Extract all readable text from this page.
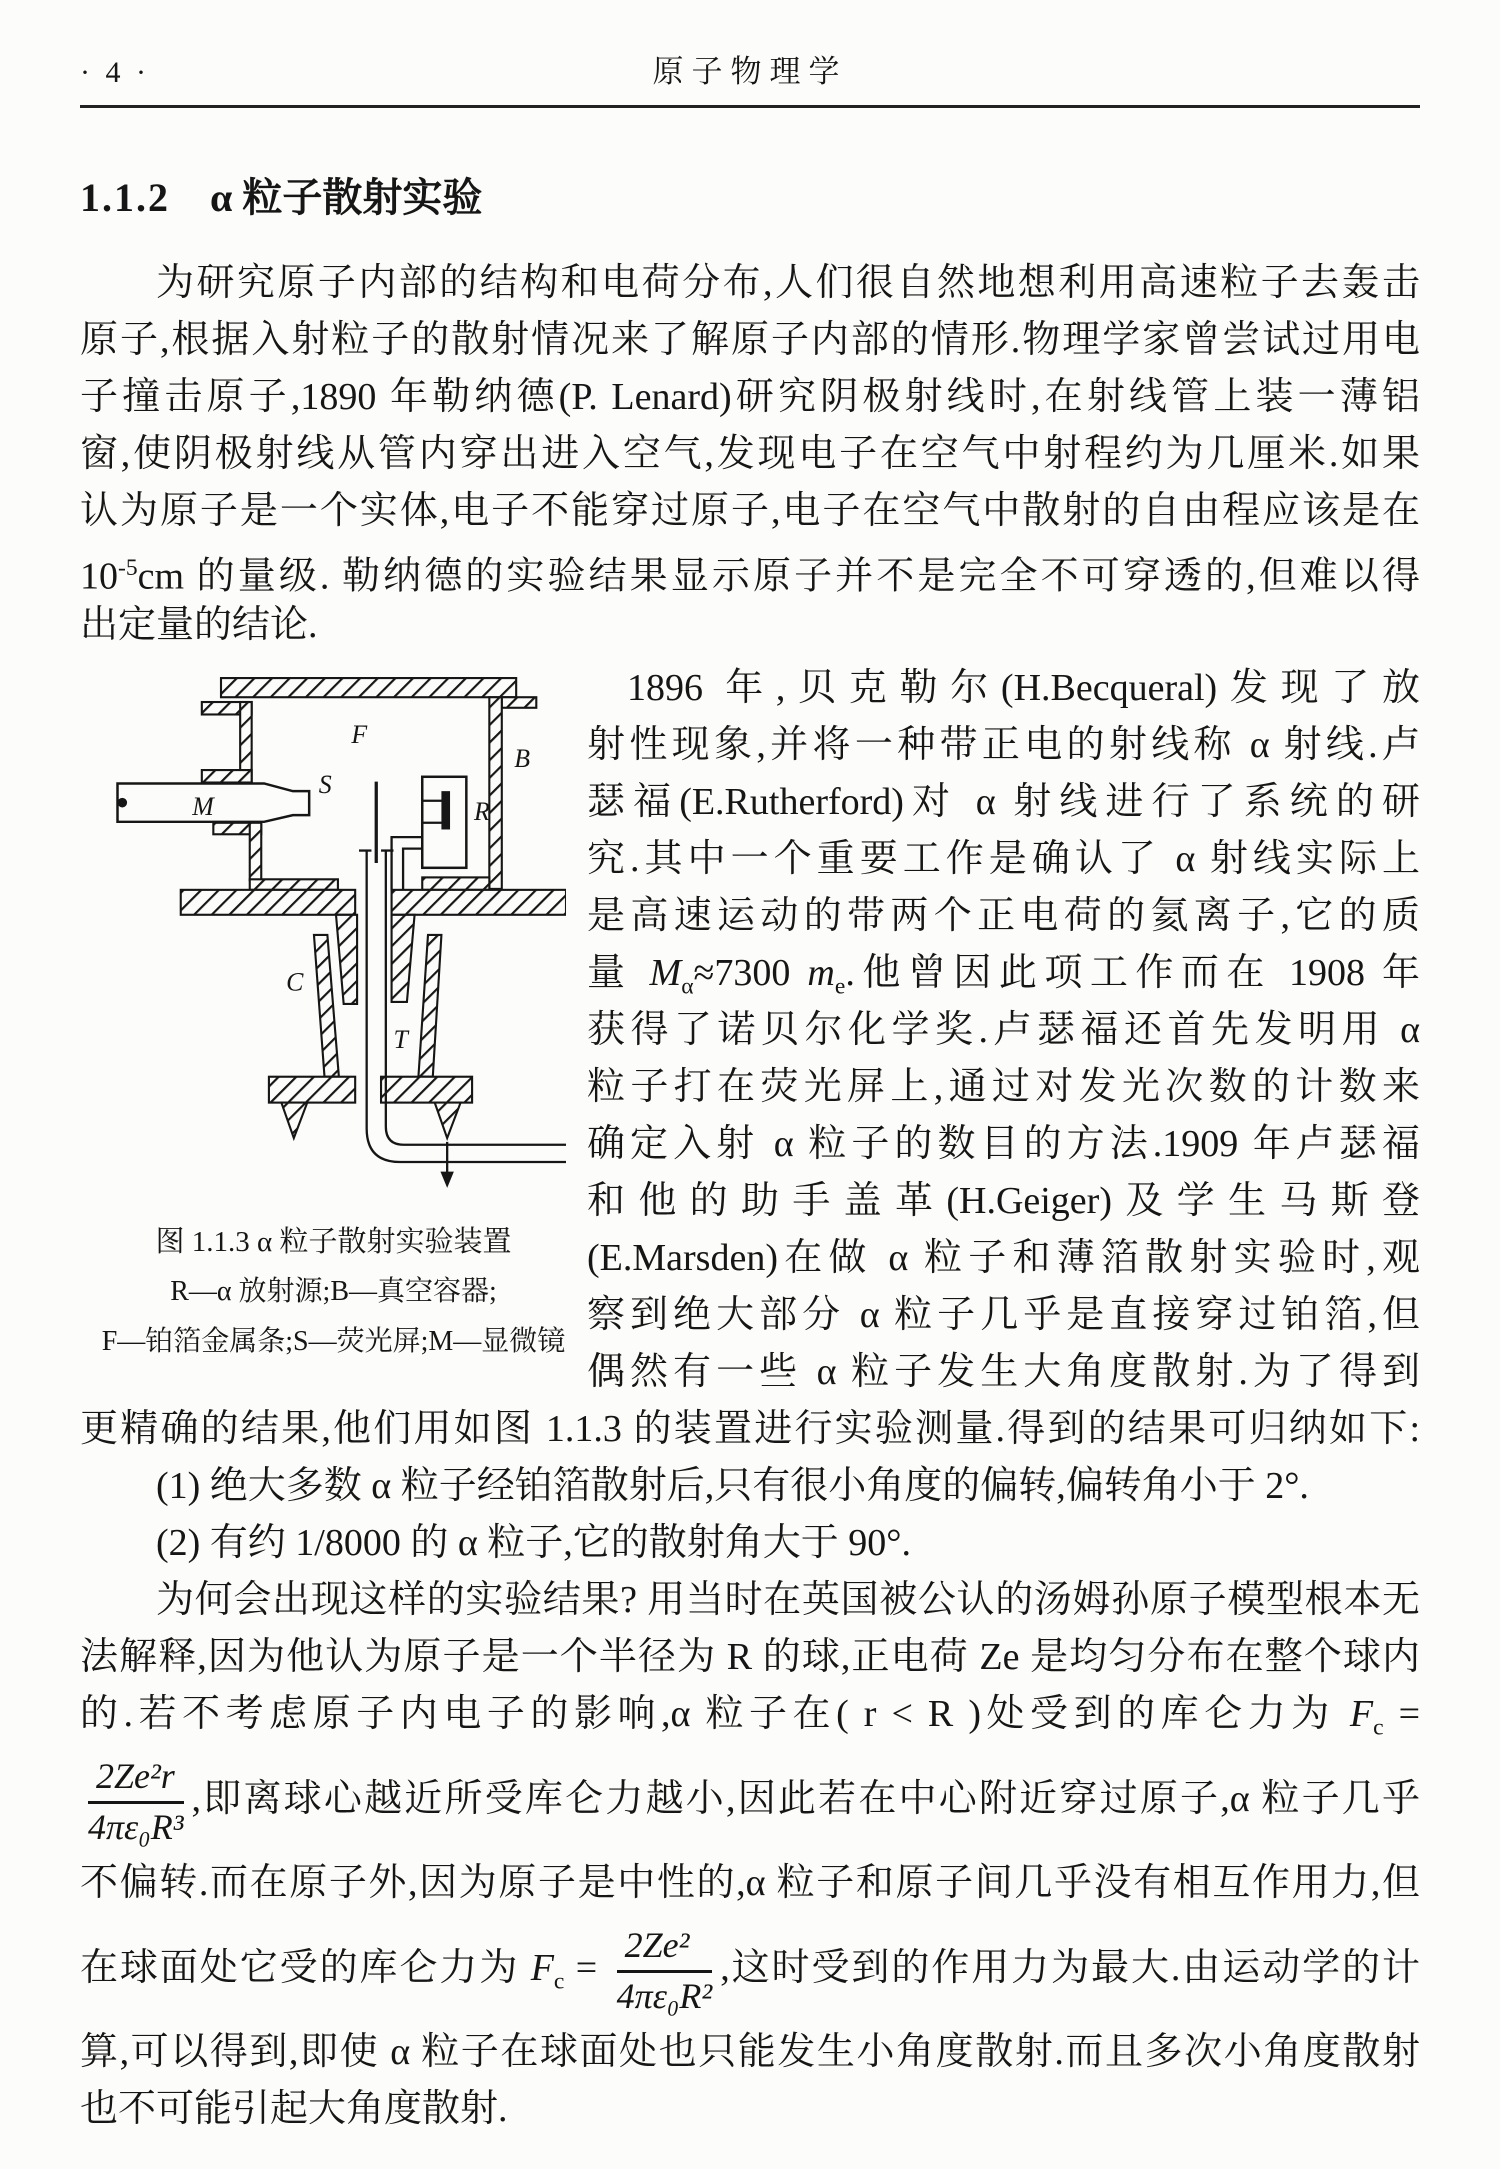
· 4 ·	原子物理学
1.1.2 α 粒子散射实验
为研究原子内部的结构和电荷分布,人们很自然地想利用高速粒子去轰击
原子,根据入射粒子的散射情况来了解原子内部的情形.物理学家曾尝试过用电
子撞击原子,1890 年勒纳德(P. Lenard)研究阴极射线时,在射线管上装一薄铝
窗,使阴极射线从管内穿出进入空气,发现电子在空气中射程约为几厘米.如果
认为原子是一个实体,电子不能穿过原子,电子在空气中散射的自由程应该是在
$10^{-5}cm$ 的量级. 勒纳德的实验结果显示原子并不是完全不可穿透的,但难以得
出定量的结论.
F
B
M
S
R
C
T
图 1.1.3 α 粒子散射实验装置
R—α 放射源;B—真空容器;
F—铂箔金属条;S—荧光屏;M—显微镜
1896 年,贝克勒尔(H.Becqueral)发现了放
射性现象,并将一种带正电的射线称 α 射线.卢
瑟福(E.Rutherford)对 α 射线进行了系统的研
究.其中一个重要工作是确认了 α 射线实际上
是高速运动的带两个正电荷的氦离子,它的质
量 $M_\alpha\approx 7300$ $m_e$.他曾因此项工作而在 1908 年
获得了诺贝尔化学奖.卢瑟福还首先发明用 α
粒子打在荧光屏上,通过对发光次数的计数来
确定入射 α 粒子的数目的方法.1909 年卢瑟福
和他的助手盖革(H.Geiger)及学生马斯登
(E.Marsden)在做 α 粒子和薄箔散射实验时,观
察到绝大部分 α 粒子几乎是直接穿过铂箔,但
偶然有一些 α 粒子发生大角度散射.为了得到
更精确的结果,他们用如图 1.1.3 的装置进行实验测量.得到的结果可归纳如下:
(1) 绝大多数 α 粒子经铂箔散射后,只有很小角度的偏转,偏转角小于 2°.
(2) 有约 1/8000 的 α 粒子,它的散射角大于 90°.
为何会出现这样的实验结果? 用当时在英国被公认的汤姆孙原子模型根本无
法解释,因为他认为原子是一个半径为 R 的球,正电荷 Ze 是均匀分布在整个球内
的.若不考虑原子内电子的影响,α 粒子在( r < R )处受到的库仑力为 $F_c$ =
$\frac{\text{2Ze²r}}{\text{4πε₀R³}}$ ,即离球心越近所受库仑力越小,因此若在中心附近穿过原子,α 粒子几乎
不偏转.而在原子外,因为原子是中性的,α 粒子和原子间几乎没有相互作用力,但
在球面处它受的库仑力为 $F_c = \frac{\text{2Ze²}}{\text{4πε₀R²}}$ ,这时受到的作用力为最大.由运动学的计
算,可以得到,即使 α 粒子在球面处也只能发生小角度散射.而且多次小角度散射
也不可能引起大角度散射.
